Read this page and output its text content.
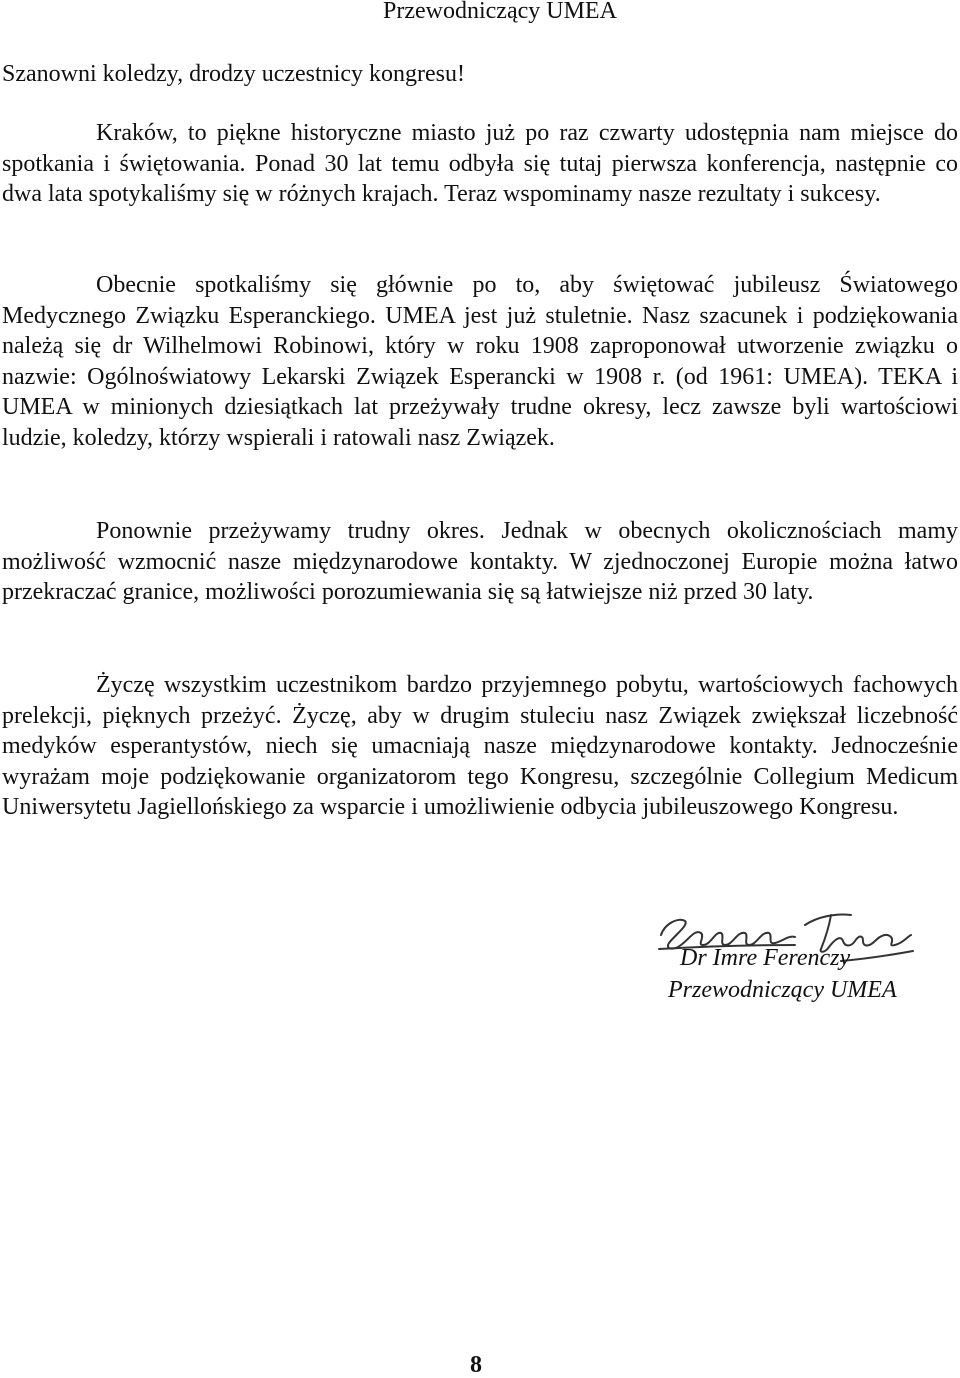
Przewodniczący UMEA
Szanowni koledzy, drodzy uczestnicy kongresu!

Kraków, to piękne historyczne miasto już po raz czwarty udostępnia nam miejsce do spotkania i świętowania. Ponad 30 lat temu odbyła się tutaj pierwsza konferencja, następnie co dwa lata spotykaliśmy się w różnych krajach. Teraz wspominamy nasze rezultaty i sukcesy.

Obecnie spotkaliśmy się głównie po to, aby świętować jubileusz Światowego Medycznego Związku Esperanckiego. UMEA jest już stuletnie. Nasz szacunek i podziękowania należą się dr Wilhelmowi Robinowi, który w roku 1908 zaproponował utworzenie związku o nazwie: Ogólnoświatowy Lekarski Związek Esperancki w 1908 r. (od 1961: UMEA). TEKA i UMEA w minionych dziesiątkach lat przeżywały trudne okresy, lecz zawsze byli wartościowi ludzie, koledzy, którzy wspierali i ratowali nasz Związek.

Ponownie przeżywamy trudny okres. Jednak w obecnych okolicznościach mamy możliwość wzmocnić nasze międzynarodowe kontakty. W zjednoczonej Europie można łatwo przekraczać granice, możliwości porozumiewania się są łatwiejsze niż przed 30 laty.

Życzę wszystkim uczestnikom bardzo przyjemnego pobytu, wartościowych fachowych prelekcji, pięknych przeżyć. Życzę, aby w drugim stuleciu nasz Związek zwiększał liczebność medyków esperantystów, niech się umacniają nasze międzynarodowe kontakty. Jednocześnie wyrażam moje podziękowanie organizatorom tego Kongresu, szczególnie Collegium Medicum Uniwersytetu Jagiellońskiego za wsparcie i umożliwienie odbycia jubileuszowego Kongresu.

Dr Imre Ferenczy
Przewodniczący UMEA
8
